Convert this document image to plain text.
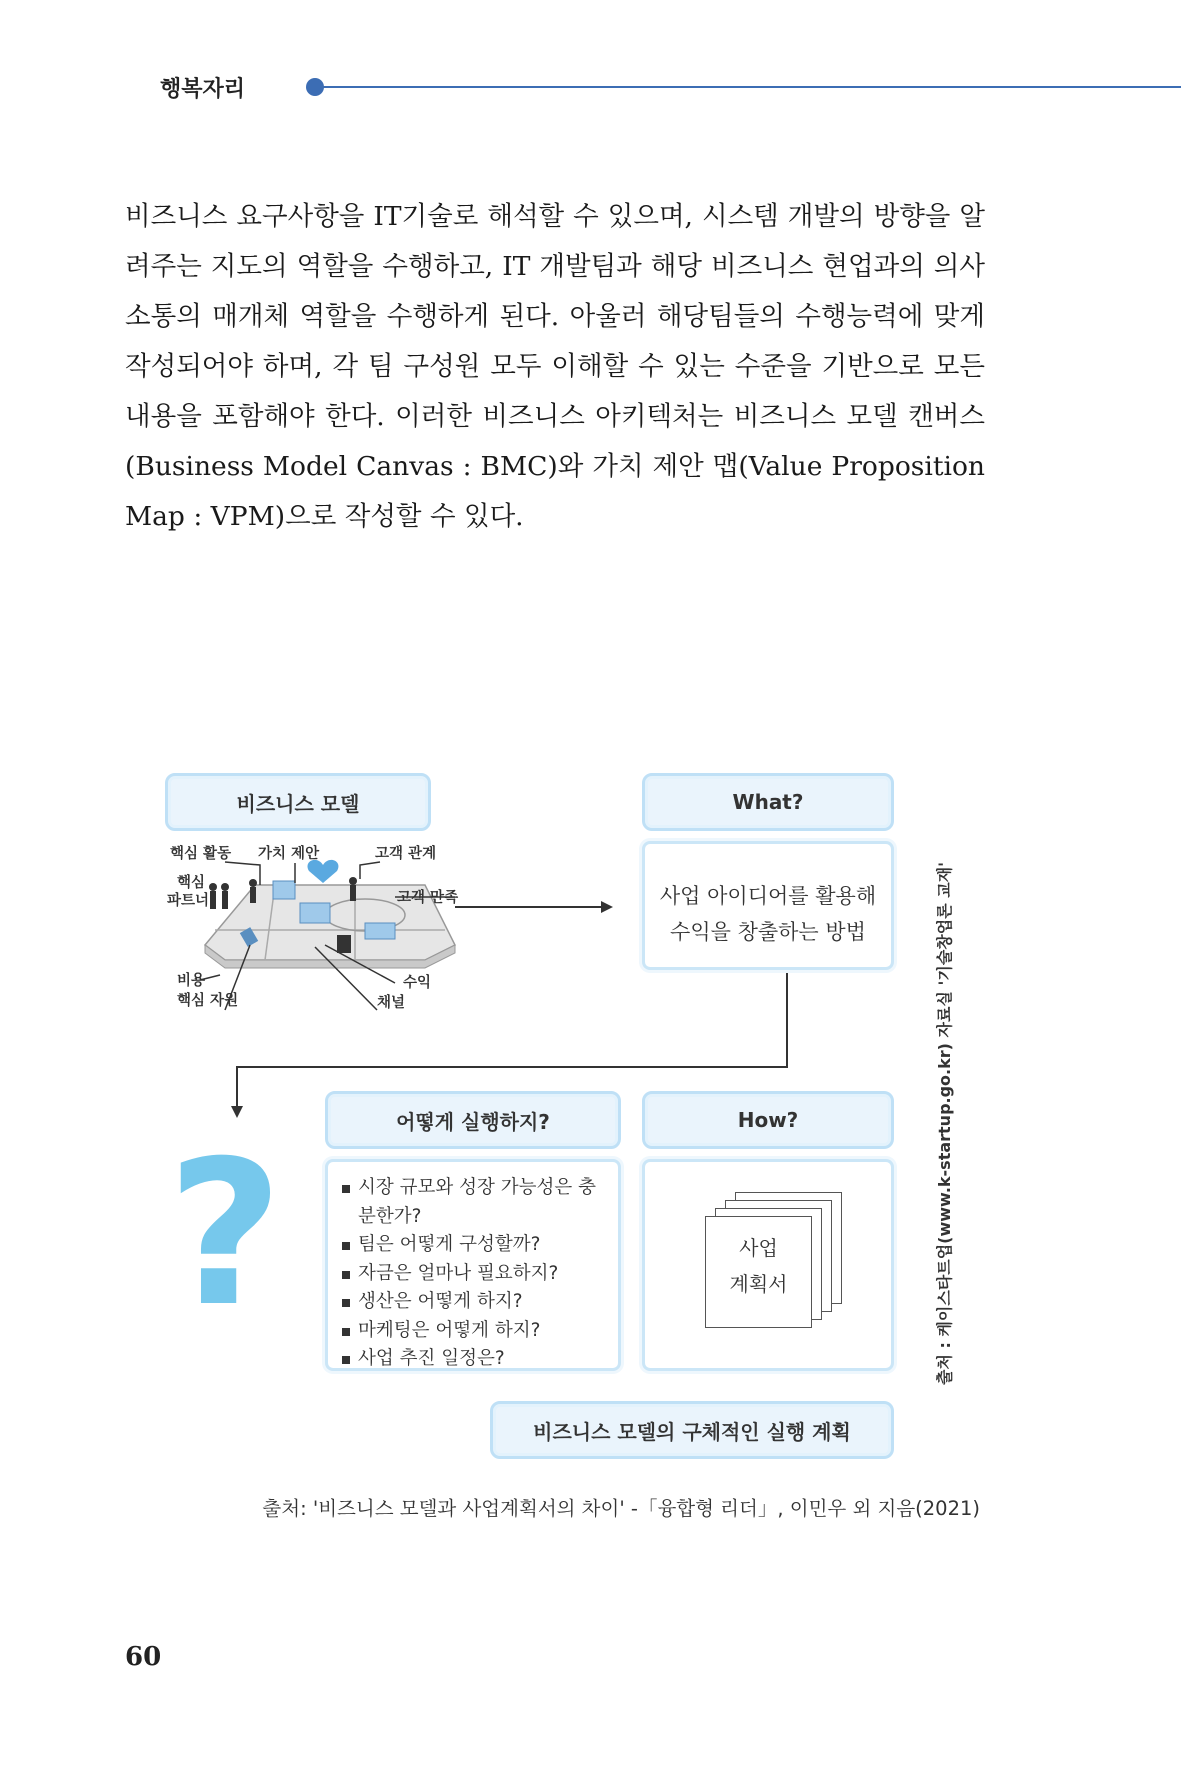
행복자리
비즈니스 요구사항을 IT기술로 해석할 수 있으며, 시스템 개발의 방향을 알려주는 지도의 역할을 수행하고, IT 개발팀과 해당 비즈니스 현업과의 의사소통의 매개체 역할을 수행하게 된다. 아울러 해당팀들의 수행능력에 맞게 작성되어야 하며, 각 팀 구성원 모두 이해할 수 있는 수준을 기반으로 모든 내용을 포함해야 한다. 이러한 비즈니스 아키텍처는 비즈니스 모델 캔버스(Business Model Canvas : BMC)와 가치 제안 맵(Value Proposition Map : VPM)으로 작성할 수 있다.
비즈니스 모델
핵심 활동 가치 제안	고객 관계
핵심
파트너	고객 만족
비용
핵심 자원
수익
채널
What?
사업 아이디어를 활용해
수익을 창출하는 방법
?	어떻게 실행하지?
시장 규모와 성장 가능성은 충분한가?
팀은 어떻게 구성할까?
자금은 얼마나 필요하지?
생산은 어떻게 하지?
마케팅은 어떻게 하지?
사업 추진 일정은?
How?
사업
계획서
비즈니스 모델의 구체적인 실행 계획
출처 : 케이스타트업(www.k-startup.go.kr) 자료실 '기술창업론 교재'
출처: '비즈니스 모델과 사업계획서의 차이' -「융합형 리더」, 이민우 외 지음(2021)
60
